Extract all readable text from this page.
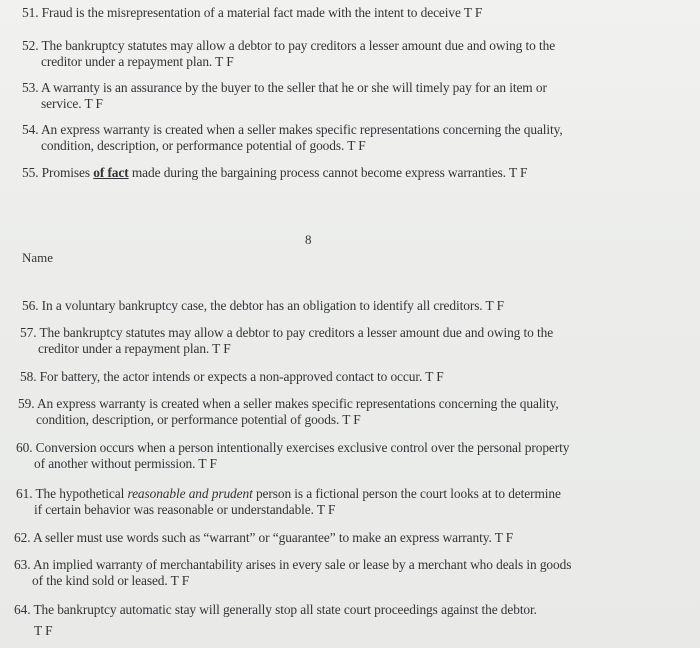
51. Fraud is the misrepresentation of a material fact made with the intent to deceive T F
52. The bankruptcy statutes may allow a debtor to pay creditors a lesser amount due and owing to the
creditor under a repayment plan. T F
53. A warranty is an assurance by the buyer to the seller that he or she will timely pay for an item or
service. T F
54. An express warranty is created when a seller makes specific representations concerning the quality,
condition, description, or performance potential of goods. T F
55. Promises of fact made during the bargaining process cannot become express warranties. T F
8
Name
56. In a voluntary bankruptcy case, the debtor has an obligation to identify all creditors. T F
57. The bankruptcy statutes may allow a debtor to pay creditors a lesser amount due and owing to the
creditor under a repayment plan. T F
58. For battery, the actor intends or expects a non-approved contact to occur. T F
59. An express warranty is created when a seller makes specific representations concerning the quality,
condition, description, or performance potential of goods. T F
60. Conversion occurs when a person intentionally exercises exclusive control over the personal property
of another without permission. T F
61. The hypothetical reasonable and prudent person is a fictional person the court looks at to determine
if certain behavior was reasonable or understandable. T F
62. A seller must use words such as “warrant” or “guarantee” to make an express warranty. T F
63. An implied warranty of merchantability arises in every sale or lease by a merchant who deals in goods
of the kind sold or leased. T F
64. The bankruptcy automatic stay will generally stop all state court proceedings against the debtor.
T F
